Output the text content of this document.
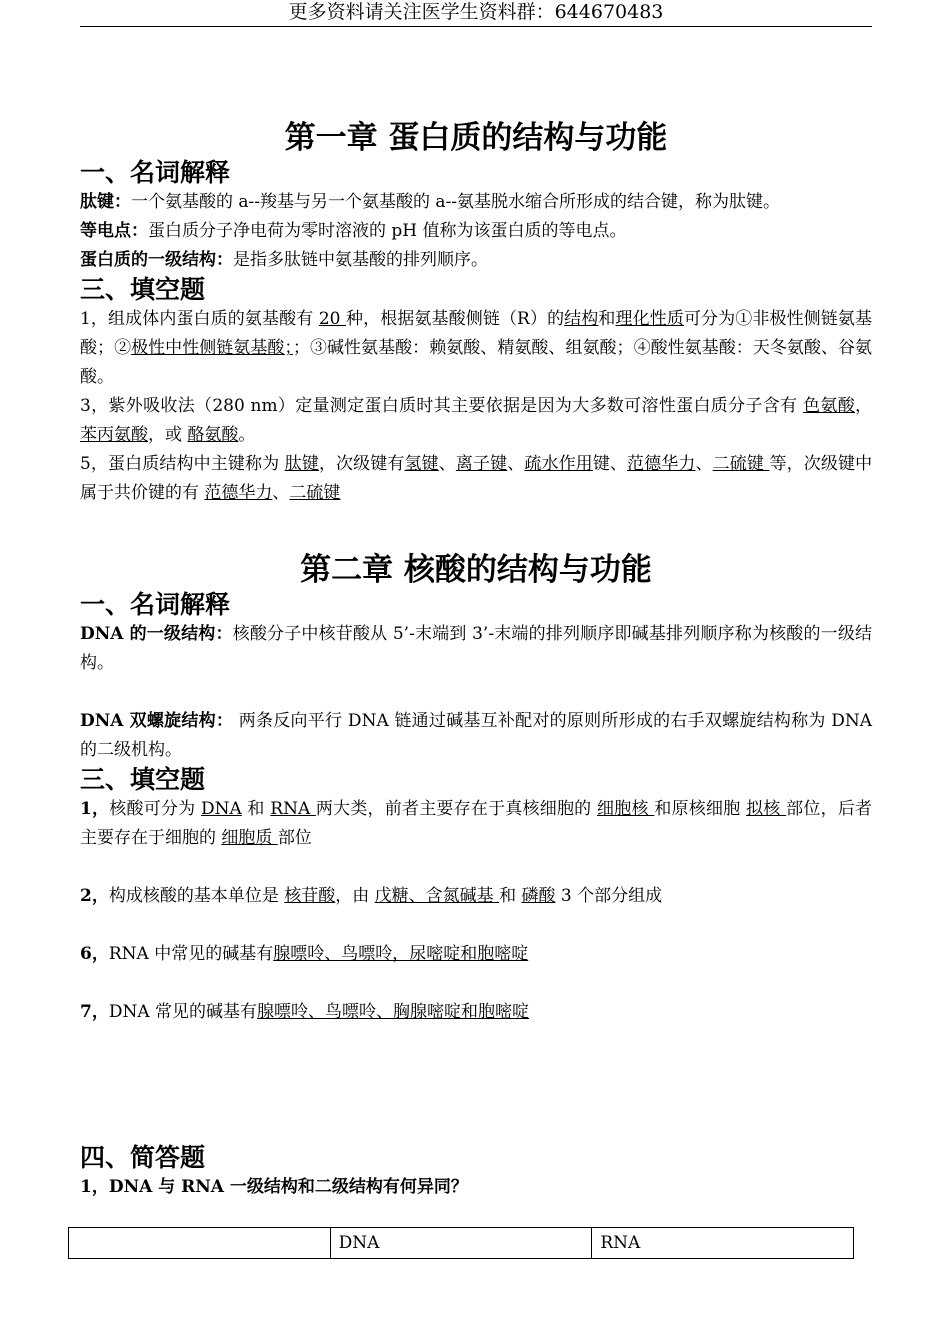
更多资料请关注医学生资料群：644670483
第一章 蛋白质的结构与功能
一、名词解释

肽键：一个氨基酸的 a--羧基与另一个氨基酸的 a--氨基脱水缩合所形成的结合键，称为肽键。

等电点：蛋白质分子净电荷为零时溶液的 pH 值称为该蛋白质的等电点。

蛋白质的一级结构：是指多肽链中氨基酸的排列顺序。

三、填空题

1，组成体内蛋白质的氨基酸有 20 种，根据氨基酸侧链（R）的结构和理化性质可分为①非极性侧链氨基酸；②极性中性侧链氨基酸；；③碱性氨基酸：赖氨酸、精氨酸、组氨酸；④酸性氨基酸：天冬氨酸、谷氨酸。

3，紫外吸收法（280 nm）定量测定蛋白质时其主要依据是因为大多数可溶性蛋白质分子含有 色氨酸， 苯丙氨酸，或 酪氨酸。

5，蛋白质结构中主键称为 肽键，次级键有氢键、离子键、疏水作用键、范德华力、二硫键 等，次级键中属于共价键的有 范德华力、二硫键

第二章 核酸的结构与功能
一、名词解释

DNA 的一级结构：核酸分子中核苷酸从 5’-末端到 3’-末端的排列顺序即碱基排列顺序称为核酸的一级结构。

DNA 双螺旋结构： 两条反向平行 DNA 链通过碱基互补配对的原则所形成的右手双螺旋结构称为 DNA 的二级机构。

三、填空题

1，核酸可分为 DNA 和 RNA 两大类，前者主要存在于真核细胞的 细胞核 和原核细胞 拟核 部位，后者主要存在于细胞的 细胞质 部位

2，构成核酸的基本单位是 核苷酸，由 戊糖、含氮碱基 和 磷酸 3 个部分组成

6，RNA 中常见的碱基有腺嘌呤、鸟嘌呤，尿嘧啶和胞嘧啶

7，DNA 常见的碱基有腺嘌呤、鸟嘌呤、胸腺嘧啶和胞嘧啶

四、简答题

1，DNA 与 RNA 一级结构和二级结构有何异同？

	DNA	RNA
